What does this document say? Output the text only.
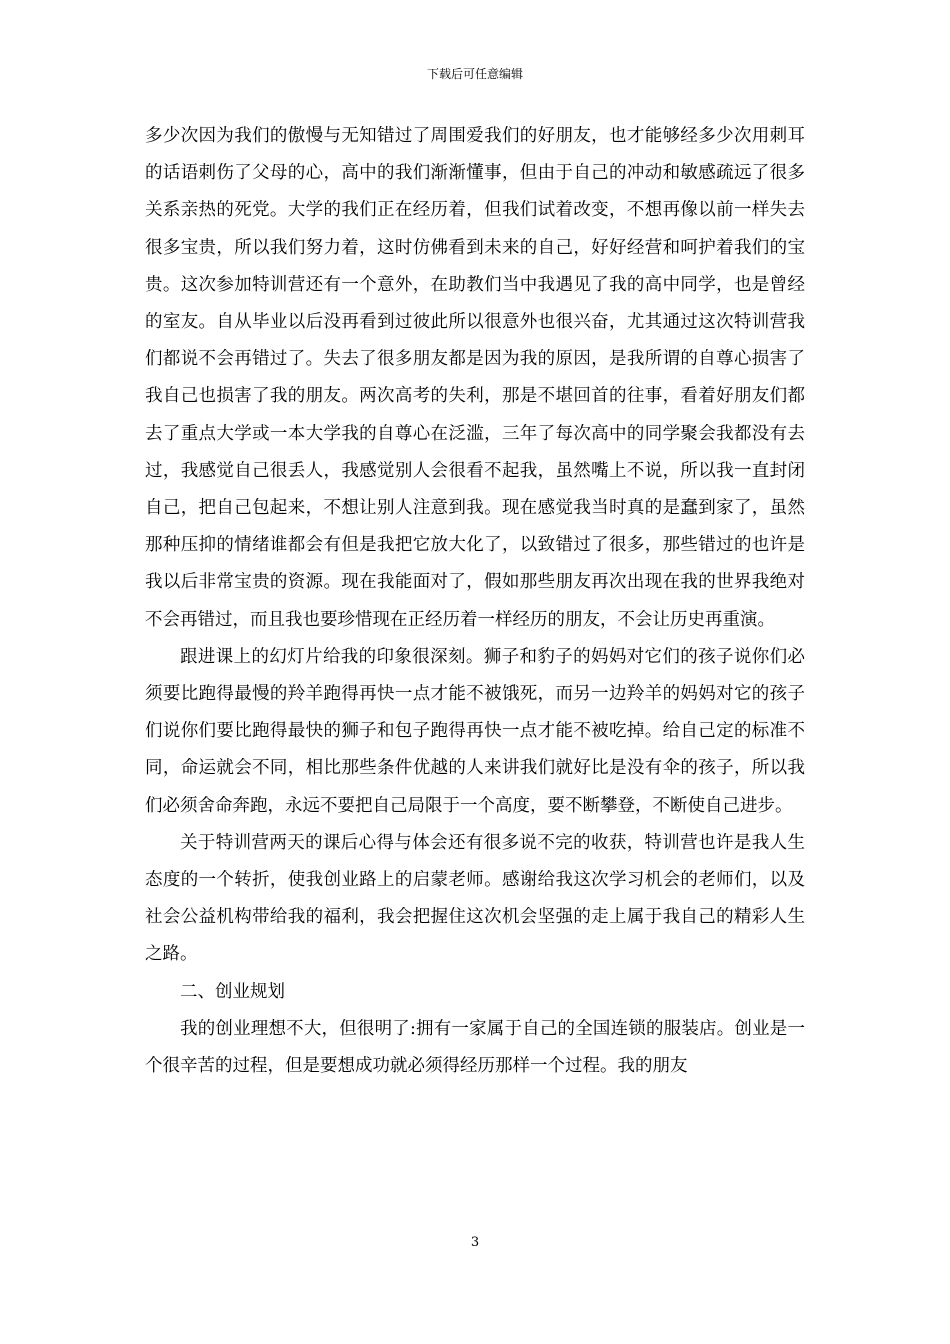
下载后可任意编辑

多少次因为我们的傲慢与无知错过了周围爱我们的好朋友，也才能够经多少次用刺耳的话语刺伤了父母的心，高中的我们渐渐懂事，但由于自己的冲动和敏感疏远了很多关系亲热的死党。大学的我们正在经历着，但我们试着改变，不想再像以前一样失去很多宝贵，所以我们努力着，这时仿佛看到未来的自己，好好经营和呵护着我们的宝贵。这次参加特训营还有一个意外，在助教们当中我遇见了我的高中同学，也是曾经的室友。自从毕业以后没再看到过彼此所以很意外也很兴奋，尤其通过这次特训营我们都说不会再错过了。失去了很多朋友都是因为我的原因，是我所谓的自尊心损害了我自己也损害了我的朋友。两次高考的失利，那是不堪回首的往事，看着好朋友们都去了重点大学或一本大学我的自尊心在泛滥，三年了每次高中的同学聚会我都没有去过，我感觉自己很丢人，我感觉别人会很看不起我，虽然嘴上不说，所以我一直封闭自己，把自己包起来，不想让别人注意到我。现在感觉我当时真的是蠢到家了，虽然那种压抑的情绪谁都会有但是我把它放大化了，以致错过了很多，那些错过的也许是我以后非常宝贵的资源。现在我能面对了，假如那些朋友再次出现在我的世界我绝对不会再错过，而且我也要珍惜现在正经历着一样经历的朋友，不会让历史再重演。

跟进课上的幻灯片给我的印象很深刻。狮子和豹子的妈妈对它们的孩子说你们必须要比跑得最慢的羚羊跑得再快一点才能不被饿死，而另一边羚羊的妈妈对它的孩子们说你们要比跑得最快的狮子和包子跑得再快一点才能不被吃掉。给自己定的标准不同，命运就会不同，相比那些条件优越的人来讲我们就好比是没有伞的孩子，所以我们必须舍命奔跑，永远不要把自己局限于一个高度，要不断攀登，不断使自己进步。

关于特训营两天的课后心得与体会还有很多说不完的收获，特训营也许是我人生态度的一个转折，使我创业路上的启蒙老师。感谢给我这次学习机会的老师们，以及社会公益机构带给我的福利，我会把握住这次机会坚强的走上属于我自己的精彩人生之路。

二、创业规划

我的创业理想不大，但很明了:拥有一家属于自己的全国连锁的服装店。创业是一个很辛苦的过程，但是要想成功就必须得经历那样一个过程。我的朋友

3
